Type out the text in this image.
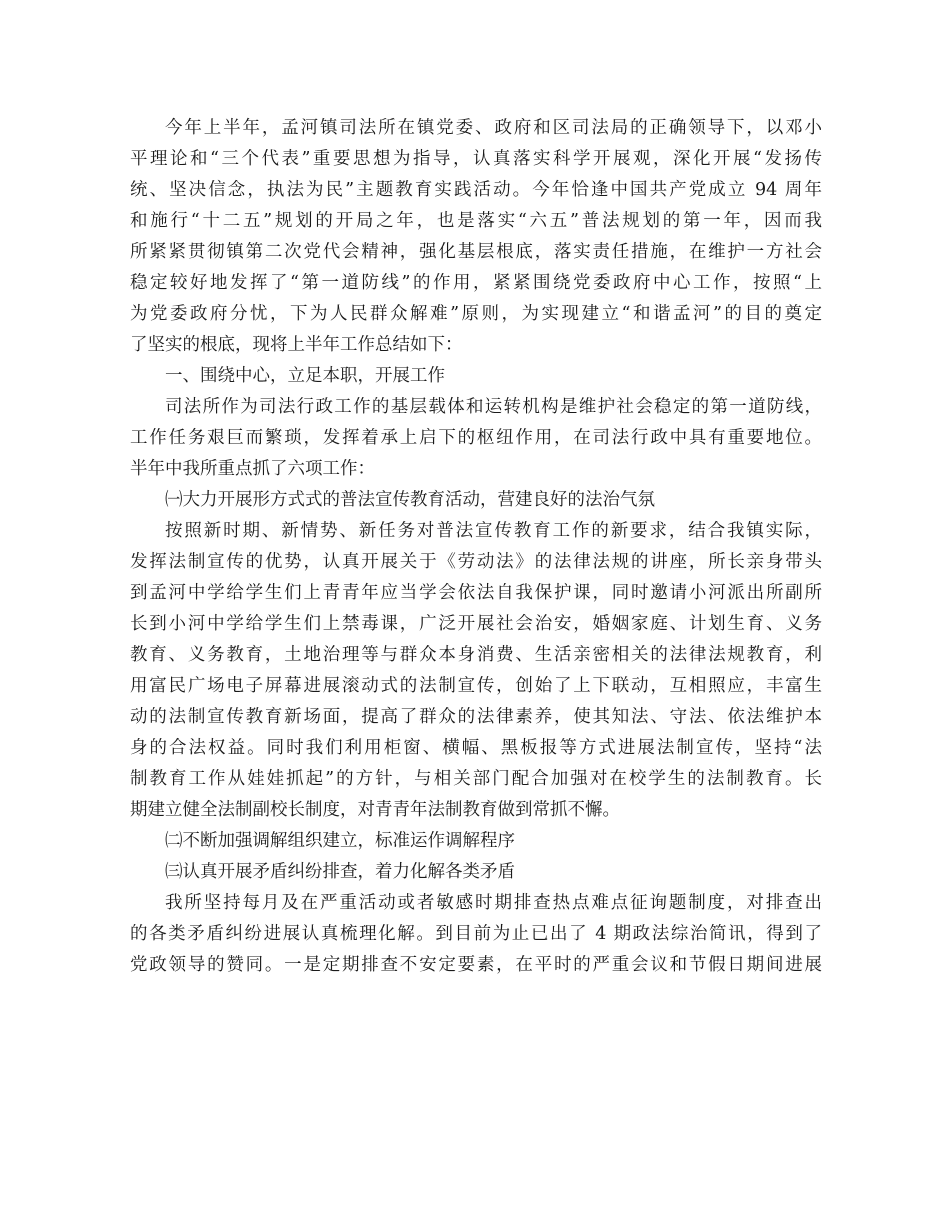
今年上半年，孟河镇司法所在镇党委、政府和区司法局的正确领导下，以邓小
平理论和“三个代表”重要思想为指导，认真落实科学开展观，深化开展“发扬传
统、坚决信念，执法为民”主题教育实践活动。今年恰逢中国共产党成立 94 周年
和施行“十二五”规划的开局之年，也是落实“六五”普法规划的第一年，因而我
所紧紧贯彻镇第二次党代会精神，强化基层根底，落实责任措施，在维护一方社会
稳定较好地发挥了“第一道防线”的作用，紧紧围绕党委政府中心工作，按照“上
为党委政府分忧，下为人民群众解难”原则，为实现建立“和谐孟河”的目的奠定
了坚实的根底，现将上半年工作总结如下：
一、围绕中心，立足本职，开展工作
司法所作为司法行政工作的基层载体和运转机构是维护社会稳定的第一道防线，
工作任务艰巨而繁琐，发挥着承上启下的枢纽作用，在司法行政中具有重要地位。
半年中我所重点抓了六项工作：
㈠大力开展形方式式的普法宣传教育活动，营建良好的法治气氛
按照新时期、新情势、新任务对普法宣传教育工作的新要求，结合我镇实际，
发挥法制宣传的优势，认真开展关于《劳动法》的法律法规的讲座，所长亲身带头
到孟河中学给学生们上青青年应当学会依法自我保护课，同时邀请小河派出所副所
长到小河中学给学生们上禁毒课，广泛开展社会治安，婚姻家庭、计划生育、义务
教育、义务教育，土地治理等与群众本身消费、生活亲密相关的法律法规教育，利
用富民广场电子屏幕进展滚动式的法制宣传，创始了上下联动，互相照应，丰富生
动的法制宣传教育新场面，提高了群众的法律素养，使其知法、守法、依法维护本
身的合法权益。同时我们利用柜窗、横幅、黑板报等方式进展法制宣传，坚持“法
制教育工作从娃娃抓起”的方针，与相关部门配合加强对在校学生的法制教育。长
期建立健全法制副校长制度，对青青年法制教育做到常抓不懈。
㈡不断加强调解组织建立，标准运作调解程序
㈢认真开展矛盾纠纷排查，着力化解各类矛盾
我所坚持每月及在严重活动或者敏感时期排查热点难点征询题制度，对排查出
的各类矛盾纠纷进展认真梳理化解。到目前为止已出了 4 期政法综治简讯，得到了
党政领导的赞同。一是定期排查不安定要素，在平时的严重会议和节假日期间进展
